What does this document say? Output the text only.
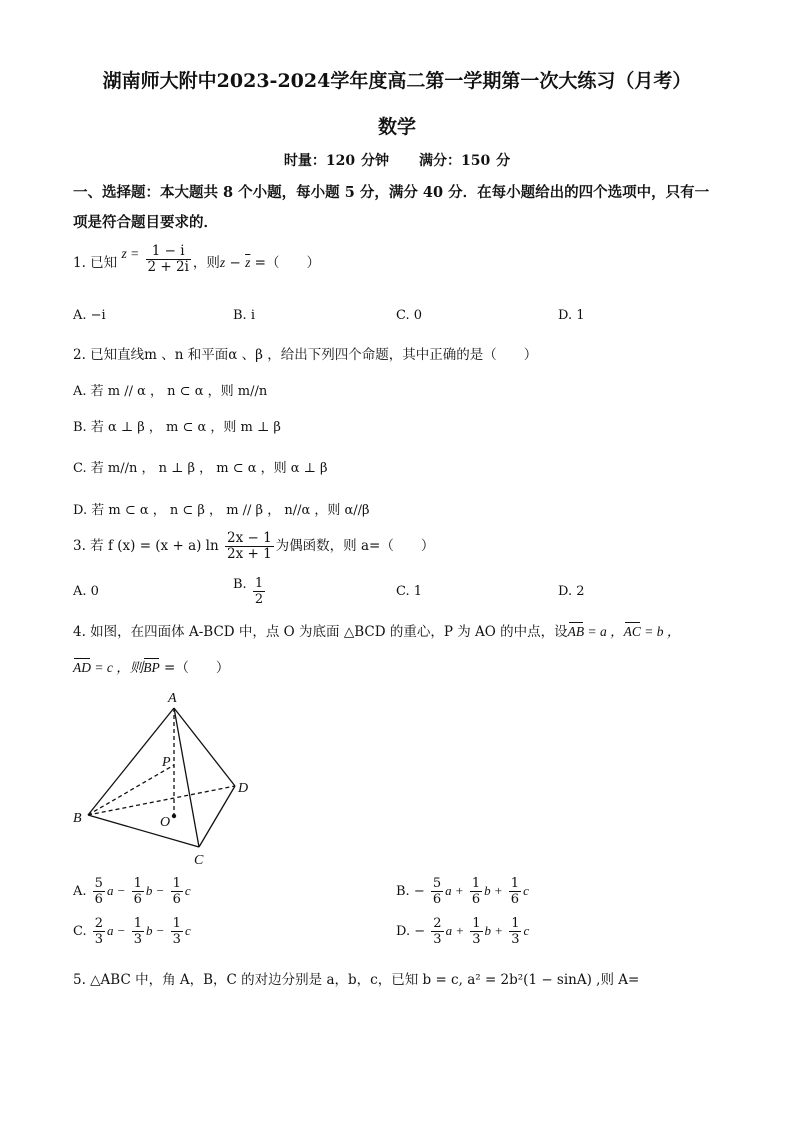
湖南师大附中2023-2024学年度高二第一学期第一次大练习（月考）
数学
时量：120 分钟 满分：150 分
一、选择题：本大题共 8 个小题，每小题 5 分，满分 40 分．在每小题给出的四个选项中，只有一项是符合题目要求的．
1. 已知 $z = \frac{1 - i}{2 + 2i}$ ，则$z - \overline{z}$ =（　　）
A. −i	B. i	C. 0	D. 1
2. 已知直线m 、n 和平面α 、β ，给出下列四个命题，其中正确的是（　　）
A. 若 m // α ， n ⊂ α ，则 m//n
B. 若 α ⊥ β ， m ⊂ α ，则 m ⊥ β
C. 若 m//n ， n ⊥ β ， m ⊂ α ，则 α ⊥ β
D. 若 m ⊂ α ， n ⊂ β ， m // β ， n//α ，则 α//β
3. 若 f (x) = (x + a) $\ln \frac{2x - 1}{2x + 1}$ 为偶函数，则 a=（　　）
A. 0	B. $\frac{1}{2}$	C. 1	D. 2
4. 如图，在四面体 A-BCD 中，点 O 为底面 △BCD 的重心，P 为 AO 的中点，设AB = a ，AC = b ，
AD = c ，则BP =（　　）
A
P
D
B	O
C
A. $\frac{5}{6}$ $a - \frac{1}{6}$ $b - \frac{1}{6}$ c	B. − $\frac{5}{6}$ $a + \frac{1}{6}$ $b + \frac{1}{6}$ c
C. $\frac{2}{3}$ $a - \frac{1}{3}$ $b - \frac{1}{3}$ c	D. − $\frac{2}{3}$ $a + \frac{1}{3}$ $b + \frac{1}{3}$ c
5. △ABC 中，角 A，B，C 的对边分别是 a，b，c，已知 b = c, a² = 2b²(1 − sinA) ,则 A=
